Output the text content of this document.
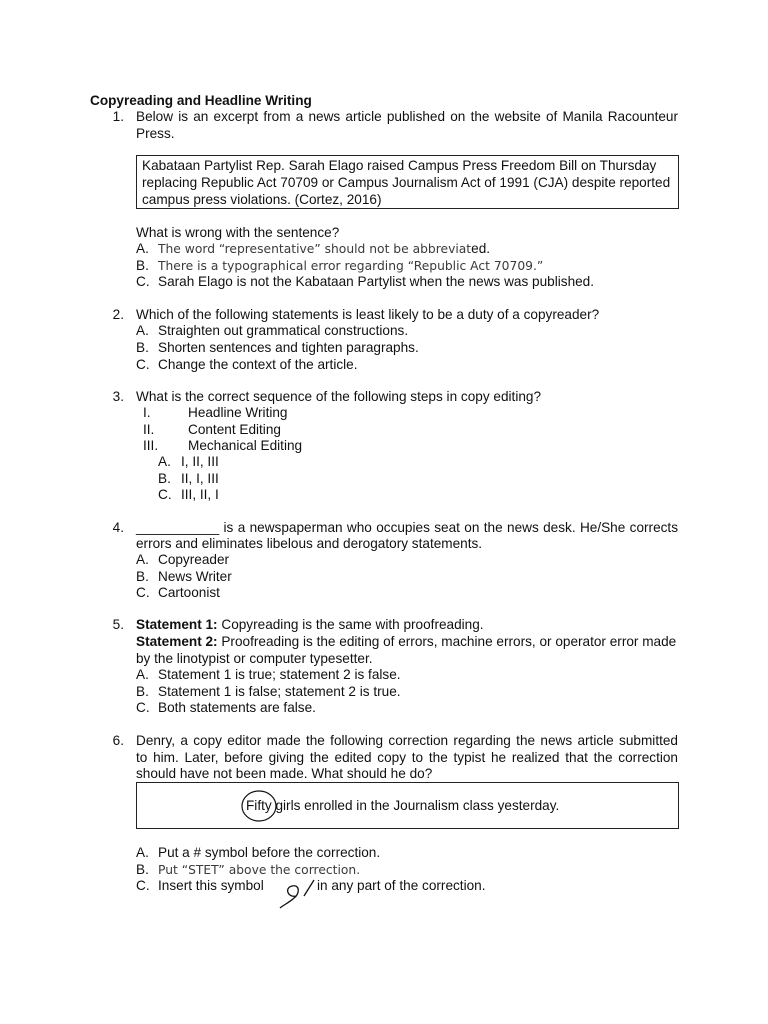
Copyreading and Headline Writing
1. Below is an excerpt from a news article published on the website of Manila Racounteur
Press.
Kabataan Partylist Rep. Sarah Elago raised Campus Press Freedom Bill on Thursday
replacing Republic Act 70709 or Campus Journalism Act of 1991 (CJA) despite reported
campus press violations. (Cortez, 2016)
What is wrong with the sentence?
A. The word “representative” should not be abbreviated.
B. There is a typographical error regarding “Republic Act 70709.”
C. Sarah Elago is not the Kabataan Partylist when the news was published.
2. Which of the following statements is least likely to be a duty of a copyreader?
A. Straighten out grammatical constructions.
B. Shorten sentences and tighten paragraphs.
C. Change the context of the article.
3. What is the correct sequence of the following steps in copy editing?
I.	Headline Writing
II. Content Editing
III. Mechanical Editing
A. I, II, III
B. II, I, III
C. III, II, I
4. ___________ is a newspaperman who occupies seat on the news desk. He/She corrects
errors and eliminates libelous and derogatory statements.
A. Copyreader
B. News Writer
C. Cartoonist
5. Statement 1: Copyreading is the same with proofreading.
Statement 2: Proofreading is the editing of errors, machine errors, or operator error made
by the linotypist or computer typesetter.
A. Statement 1 is true; statement 2 is false.
B. Statement 1 is false; statement 2 is true.
C. Both statements are false.
6. Denry, a copy editor made the following correction regarding the news article submitted
to him. Later, before giving the edited copy to the typist he realized that the correction
should have not been made. What should he do?
Fifty girls enrolled in the Journalism class yesterday.
A. Put a # symbol before the correction.
B. Put “STET” above the correction.
C. Insert this symbol	in any part of the correction.
